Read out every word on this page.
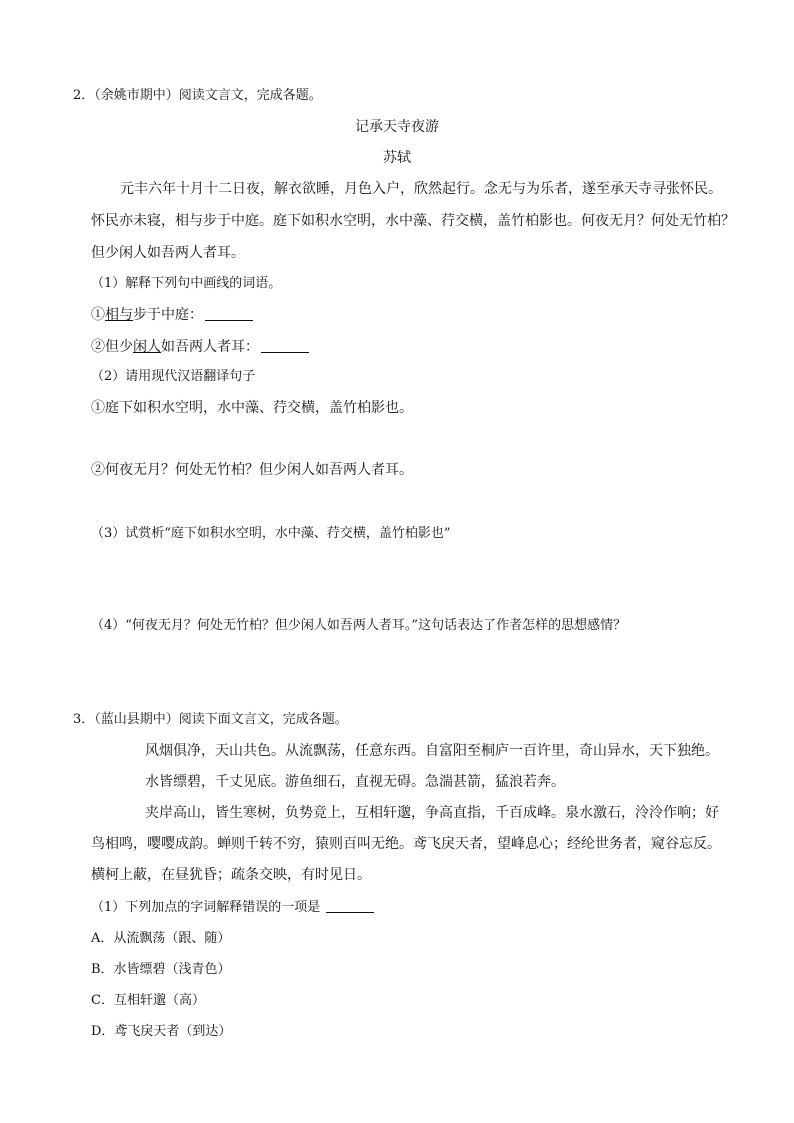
2．（余姚市期中）阅读文言文，完成各题。
记承天寺夜游
苏轼
元丰六年十月十二日夜，解衣欲睡，月色入户，欣然起行。念无与为乐者，遂至承天寺寻张怀民。
怀民亦未寝，相与步于中庭。庭下如积水空明，水中藻、荇交横，盖竹柏影也。何夜无月？何处无竹柏？
但少闲人如吾两人者耳。
（1）解释下列句中画线的词语。
①相与步于中庭：
②但少闲人如吾两人者耳：
（2）请用现代汉语翻译句子
①庭下如积水空明，水中藻、荇交横，盖竹柏影也。
②何夜无月？何处无竹柏？但少闲人如吾两人者耳。
（3）试赏析“庭下如积水空明，水中藻、荇交横，盖竹柏影也”
（4）“何夜无月？何处无竹柏？但少闲人如吾两人者耳。”这句话表达了作者怎样的思想感情？
3．（蓝山县期中）阅读下面文言文，完成各题。
风烟俱净，天山共色。从流飘荡，任意东西。自富阳至桐庐一百许里，奇山异水，天下独绝。
水皆缥碧，千丈见底。游鱼细石，直视无碍。急湍甚箭，猛浪若奔。
夹岸高山，皆生寒树，负势竞上，互相轩邈，争高直指，千百成峰。泉水激石，泠泠作响；好
鸟相鸣，嘤嘤成韵。蝉则千转不穷，猿则百叫无绝。鸢飞戾天者，望峰息心；经纶世务者，窥谷忘反。
横柯上蔽，在昼犹昏；疏条交映，有时见日。
（1）下列加点的字词解释错误的一项是
A．从流飘荡（跟、随）
B．水皆缥碧（浅青色）
C．互相轩邈（高）
D．鸢飞戾天者（到达）
